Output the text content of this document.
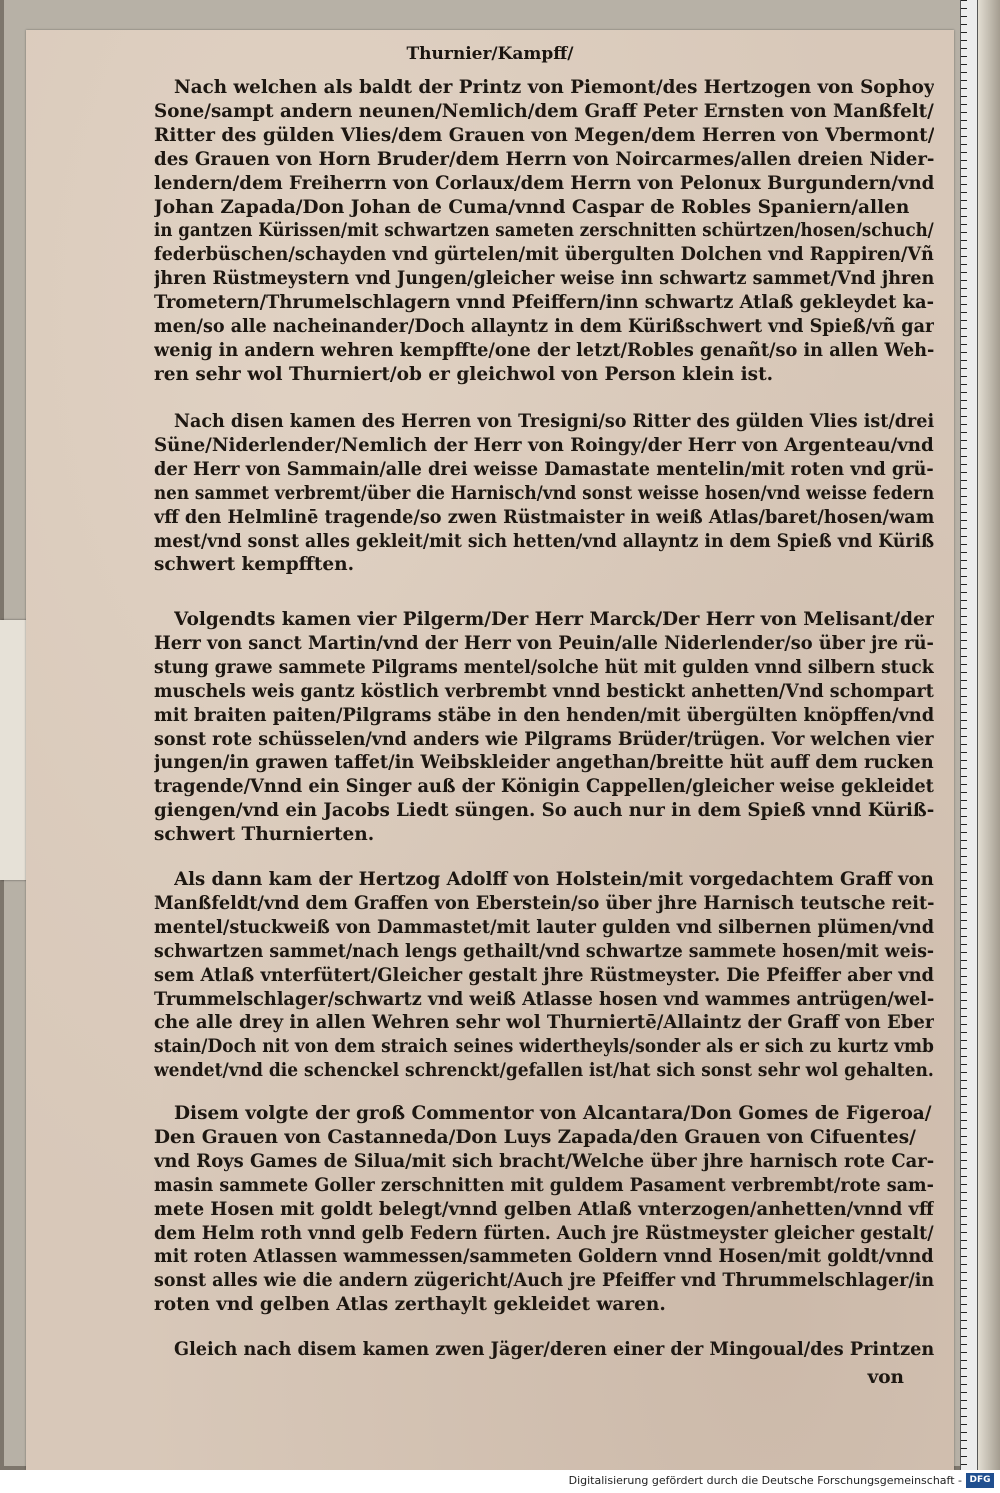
Thurnier/Kampff/
Nach welchen als baldt der Printz von Piemont/des Hertzogen von Sophoy
Sone/sampt andern neunen/Nemlich/dem Graff Peter Ernsten von Manßfelt/
Ritter des gülden Vlies/dem Grauen von Megen/dem Herren von Vbermont/
des Grauen von Horn Bruder/dem Herrn von Noircarmes/allen dreien Nider-
lendern/dem Freiherrn von Corlaux/dem Herrn von Pelonux Burgundern/vnd
Johan Zapada/Don Johan de Cuma/vnnd Caspar de Robles Spaniern/allen
in gantzen Kürissen/mit schwartzen sameten zerschnitten schürtzen/hosen/schuch/
federbüschen/schayden vnd gürtelen/mit übergulten Dolchen vnd Rappiren/Vñ
jhren Rüstmeystern vnd Jungen/gleicher weise inn schwartz sammet/Vnd jhren
Trometern/Thrumelschlagern vnnd Pfeiffern/inn schwartz Atlaß gekleydet ka-
men/so alle nacheinander/Doch allayntz in dem Kürißschwert vnd Spieß/vñ gar
wenig in andern wehren kempffte/one der letzt/Robles genañt/so in allen Weh-
ren sehr wol Thurniert/ob er gleichwol von Person klein ist.
Nach disen kamen des Herren von Tresigni/so Ritter des gülden Vlies ist/drei
Süne/Niderlender/Nemlich der Herr von Roingy/der Herr von Argenteau/vnd
der Herr von Sammain/alle drei weisse Damastate mentelin/mit roten vnd grü-
nen sammet verbremt/über die Harnisch/vnd sonst weisse hosen/vnd weisse federn
vff den Helmlinē tragende/so zwen Rüstmaister in weiß Atlas/baret/hosen/wam
mest/vnd sonst alles gekleit/mit sich hetten/vnd allayntz in dem Spieß vnd Küriß
schwert kempfften.
Volgendts kamen vier Pilgerm/Der Herr Marck/Der Herr von Melisant/der
Herr von sanct Martin/vnd der Herr von Peuin/alle Niderlender/so über jre rü-
stung grawe sammete Pilgrams mentel/solche hüt mit gulden vnnd silbern stuck
muschels weis gantz köstlich verbrembt vnnd bestickt anhetten/Vnd schompart
mit braiten paiten/Pilgrams stäbe in den henden/mit übergülten knöpffen/vnd
sonst rote schüsselen/vnd anders wie Pilgrams Brüder/trügen. Vor welchen vier
jungen/in grawen taffet/in Weibskleider angethan/breitte hüt auff dem rucken
tragende/Vnnd ein Singer auß der Königin Cappellen/gleicher weise gekleidet
giengen/vnd ein Jacobs Liedt süngen. So auch nur in dem Spieß vnnd Küriß-
schwert Thurnierten.
Als dann kam der Hertzog Adolff von Holstein/mit vorgedachtem Graff von
Manßfeldt/vnd dem Graffen von Eberstein/so über jhre Harnisch teutsche reit-
mentel/stuckweiß von Dammastet/mit lauter gulden vnd silbernen plümen/vnd
schwartzen sammet/nach lengs gethailt/vnd schwartze sammete hosen/mit weis-
sem Atlaß vnterfütert/Gleicher gestalt jhre Rüstmeyster. Die Pfeiffer aber vnd
Trummelschlager/schwartz vnd weiß Atlasse hosen vnd wammes antrügen/wel-
che alle drey in allen Wehren sehr wol Thurniertē/Allaintz der Graff von Eber
stain/Doch nit von dem straich seines widertheyls/sonder als er sich zu kurtz vmb
wendet/vnd die schenckel schrenckt/gefallen ist/hat sich sonst sehr wol gehalten.
Disem volgte der groß Commentor von Alcantara/Don Gomes de Figeroa/
Den Grauen von Castanneda/Don Luys Zapada/den Grauen von Cifuentes/
vnd Roys Games de Silua/mit sich bracht/Welche über jhre harnisch rote Car-
masin sammete Goller zerschnitten mit guldem Pasament verbrembt/rote sam-
mete Hosen mit goldt belegt/vnnd gelben Atlaß vnterzogen/anhetten/vnnd vff
dem Helm roth vnnd gelb Federn fürten. Auch jre Rüstmeyster gleicher gestalt/
mit roten Atlassen wammessen/sammeten Goldern vnnd Hosen/mit goldt/vnnd
sonst alles wie die andern zügericht/Auch jre Pfeiffer vnd Thrummelschlager/in
roten vnd gelben Atlas zerthaylt gekleidet waren.
Gleich nach disem kamen zwen Jäger/deren einer der Mingoual/des Printzen
von
Digitalisierung gefördert durch die Deutsche Forschungsgemeinschaft - DFG
